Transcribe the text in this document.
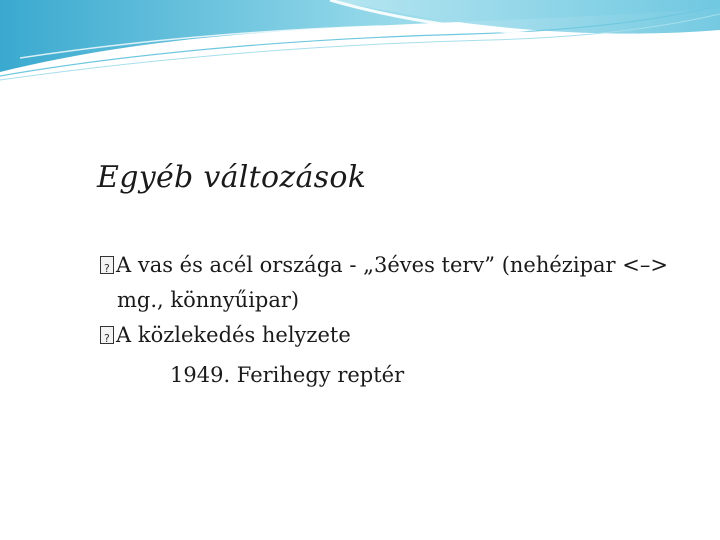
Egyéb változások
?A vas és acél országa - „3éves terv” (nehézipar <–>
mg., könnyűipar)
?A közlekedés helyzete
1949. Ferihegy reptér
